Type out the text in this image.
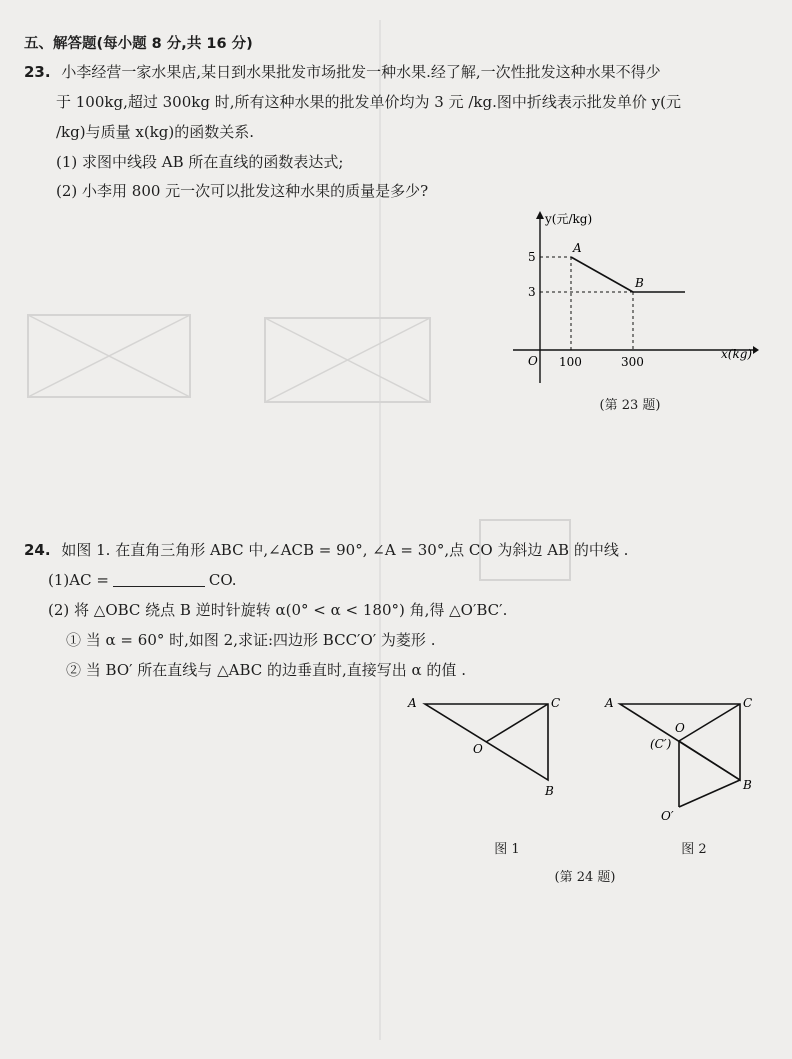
五、解答题(每小题 8 分,共 16 分)
23. 小李经营一家水果店,某日到水果批发市场批发一种水果.经了解,一次性批发这种水果不得少
于 100kg,超过 300kg 时,所有这种水果的批发单价均为 3 元 /kg.图中折线表示批发单价 y(元
/kg)与质量 x(kg)的函数关系.
(1) 求图中线段 AB 所在直线的函数表达式;
(2) 小李用 800 元一次可以批发这种水果的质量是多少?
y(元/kg)
x(kg)
O
5
3
100	300
A
B
(第 23 题)
24. 如图 1. 在直角三角形 ABC 中,∠ACB = 90°, ∠A = 30°,点 CO 为斜边 AB 的中线 .
(1)AC =	CO.
(2) 将 △OBC 绕点 B 逆时针旋转 α(0° < α < 180°) 角,得 △O′BC′.
① 当 α = 60° 时,如图 2,求证:四边形 BCC′O′ 为菱形 .
② 当 BO′ 所在直线与 △ABC 的边垂直时,直接写出 α 的值 .
A	C
O
B
图 1
A	C
O
(C′)
B
O′
图 2
(第 24 题)
